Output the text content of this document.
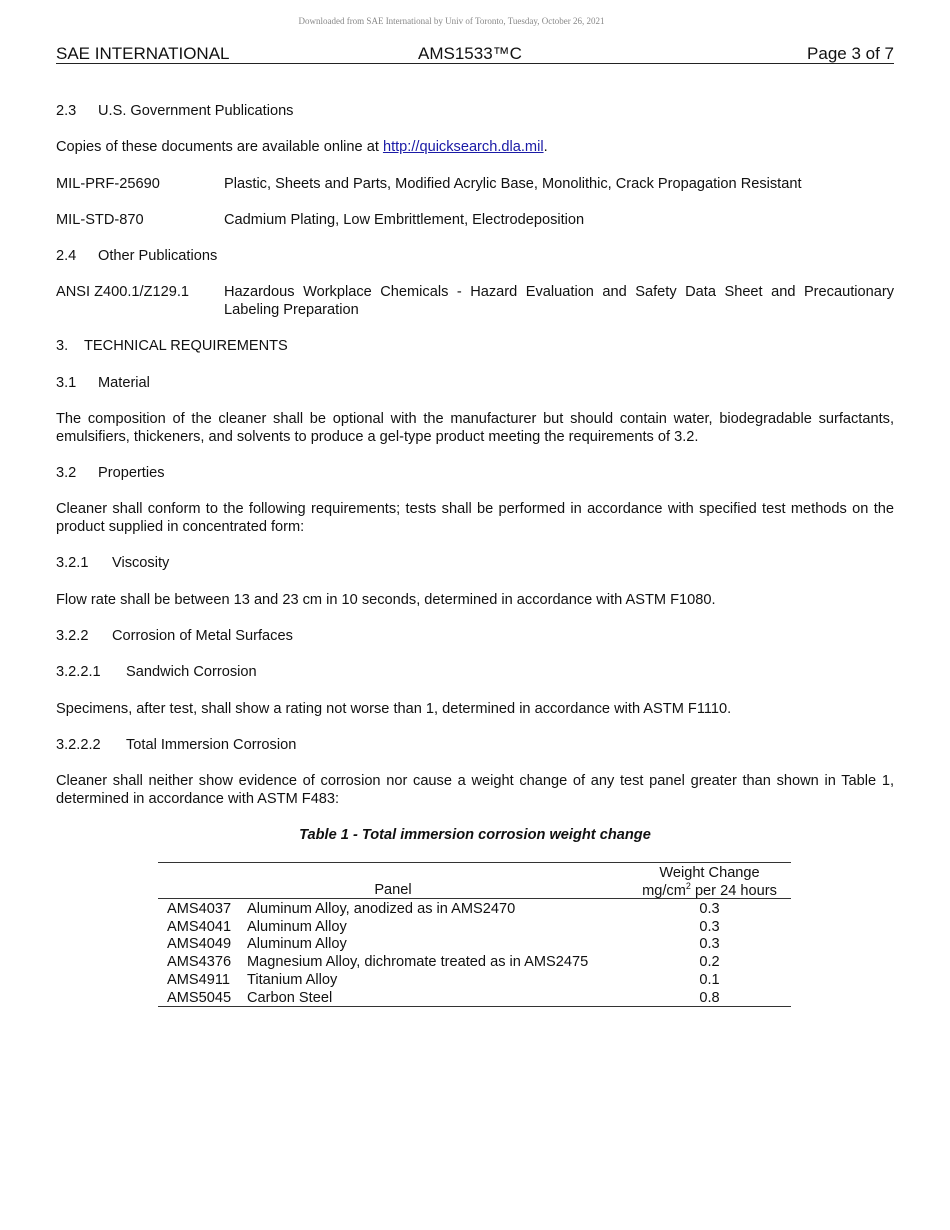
Downloaded from SAE International by Univ of Toronto, Tuesday, October 26, 2021
SAE INTERNATIONAL	AMS1533™C	Page 3 of 7
2.3 U.S. Government Publications
Copies of these documents are available online at http://quicksearch.dla.mil.
MIL-PRF-25690	Plastic, Sheets and Parts, Modified Acrylic Base, Monolithic, Crack Propagation Resistant
MIL-STD-870	Cadmium Plating, Low Embrittlement, Electrodeposition
2.4 Other Publications
ANSI Z400.1/Z129.1	Hazardous Workplace Chemicals - Hazard Evaluation and Safety Data Sheet and Precautionary Labeling Preparation
3. TECHNICAL REQUIREMENTS
3.1 Material
The composition of the cleaner shall be optional with the manufacturer but should contain water, biodegradable surfactants, emulsifiers, thickeners, and solvents to produce a gel-type product meeting the requirements of 3.2.
3.2 Properties
Cleaner shall conform to the following requirements; tests shall be performed in accordance with specified test methods on the product supplied in concentrated form:
3.2.1 Viscosity
Flow rate shall be between 13 and 23 cm in 10 seconds, determined in accordance with ASTM F1080.
3.2.2 Corrosion of Metal Surfaces
3.2.2.1 Sandwich Corrosion
Specimens, after test, shall show a rating not worse than 1, determined in accordance with ASTM F1110.
3.2.2.2 Total Immersion Corrosion
Cleaner shall neither show evidence of corrosion nor cause a weight change of any test panel greater than shown in Table 1, determined in accordance with ASTM F483:
Table 1 - Total immersion corrosion weight change
Panel
Weight Change
$mg/cm^2$ per 24 hours
AMS4037 Aluminum Alloy, anodized as in AMS2470	0.3
AMS4041 Aluminum Alloy	0.3
AMS4049 Aluminum Alloy	0.3
AMS4376 Magnesium Alloy, dichromate treated as in AMS2475	0.2
AMS4911 Titanium Alloy	0.1
AMS5045 Carbon Steel	0.8
